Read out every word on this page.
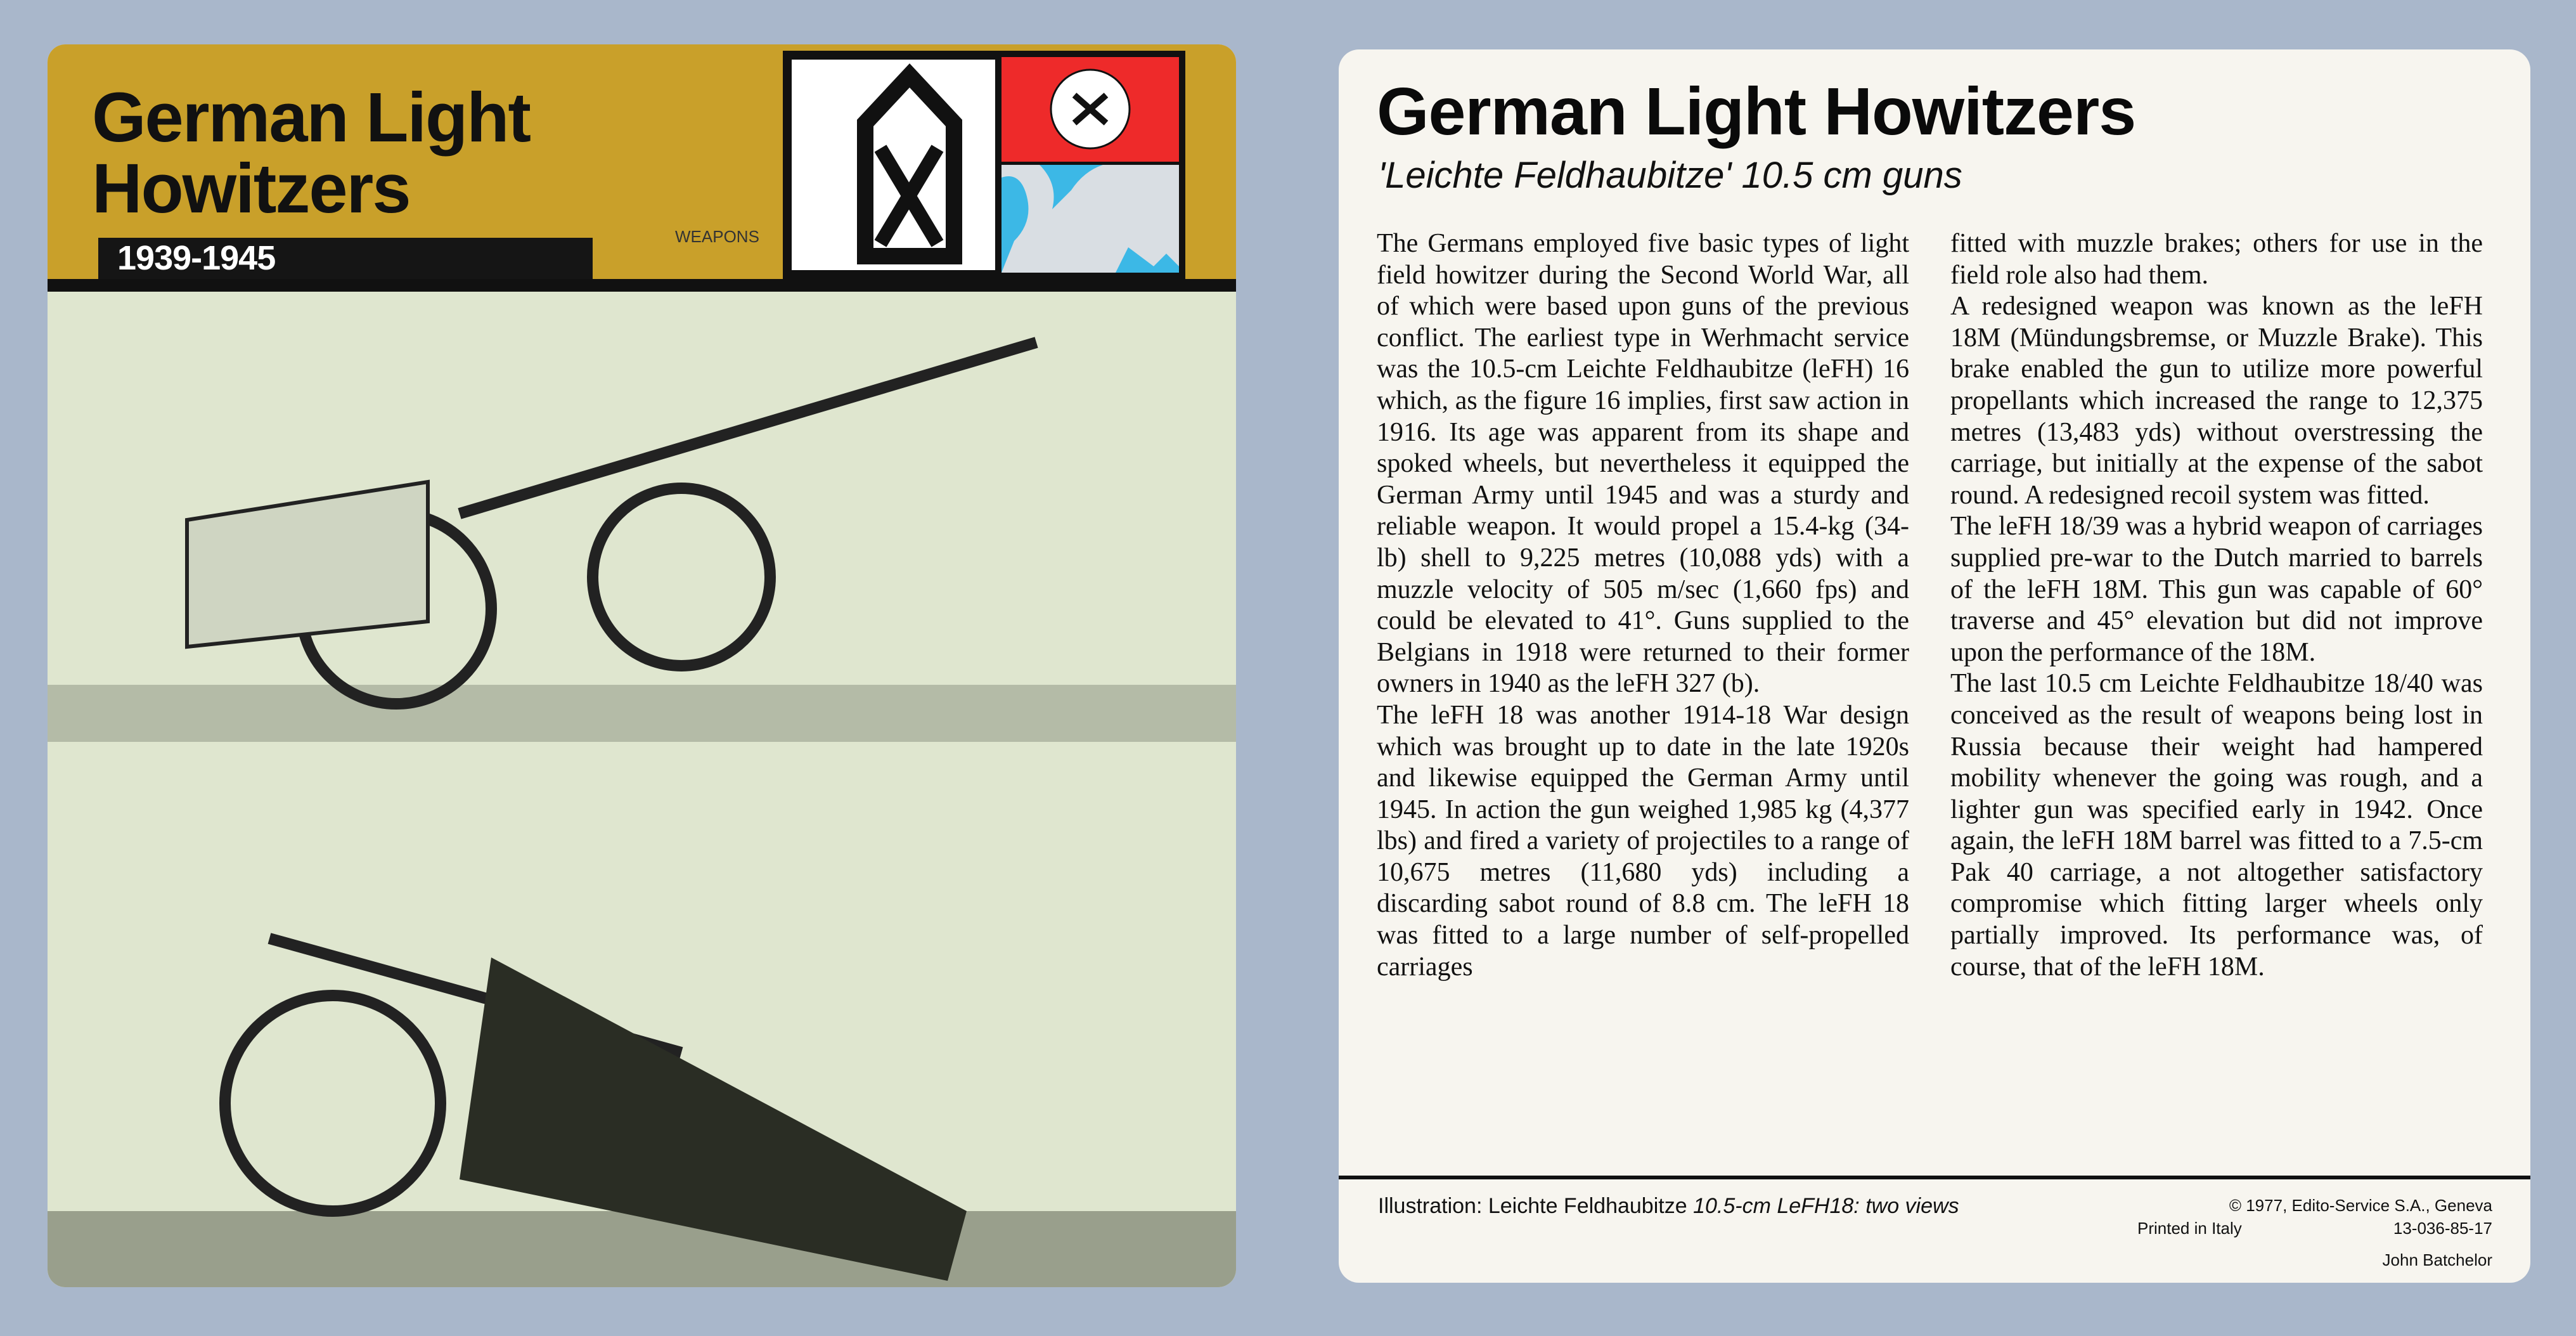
German Light
Howitzers
1939-1945
WEAPONS
German Light Howitzers
'Leichte Feldhaubitze' 10.5 cm guns

The Germans employed five basic types of light field howitzer during the Second World War, all of which were based upon guns of the previous conflict. The earliest type in Werhmacht service was the 10.5-cm Leichte Feldhaubitze (leFH) 16 which, as the figure 16 implies, first saw action in 1916. Its age was apparent from its shape and spoked wheels, but nevertheless it equipped the German Army until 1945 and was a sturdy and reliable weapon. It would propel a 15.4-kg (34-lb) shell to 9,225 metres (10,088 yds) with a muzzle velocity of 505 m/sec (1,660 fps) and could be elevated to 41°. Guns supplied to the Belgians in 1918 were returned to their former owners in 1940 as the leFH 327 (b).

The leFH 18 was another 1914-18 War design which was brought up to date in the late 1920s and likewise equipped the German Army until 1945. In action the gun weighed 1,985 kg (4,377 lbs) and fired a variety of projectiles to a range of 10,675 metres (11,680 yds) including a discarding sabot round of 8.8 cm. The leFH 18 was fitted to a large number of self-propelled carriages

fitted with muzzle brakes; others for use in the field role also had them.

A redesigned weapon was known as the leFH 18M (Mündungsbremse, or Muzzle Brake). This brake enabled the gun to utilize more powerful propellants which increased the range to 12,375 metres (13,483 yds) without overstressing the carriage, but initially at the expense of the sabot round. A redesigned recoil system was fitted.

The leFH 18/39 was a hybrid weapon of carriages supplied pre-war to the Dutch married to barrels of the leFH 18M. This gun was capable of 60° traverse and 45° elevation but did not improve upon the performance of the 18M.

The last 10.5 cm Leichte Feldhaubitze 18/40 was conceived as the result of weapons being lost in Russia because their weight had hampered mobility whenever the going was rough, and a lighter gun was specified early in 1942. Once again, the leFH 18M barrel was fitted to a 7.5-cm Pak 40 carriage, a not altogether satisfactory compromise which fitting larger wheels only partially improved. Its performance was, of course, that of the leFH 18M.

Illustration: Leichte Feldhaubitze 10.5-cm LeFH18: two views	© 1977, Edito-Service S.A., Geneva
Printed in Italy	13-036-85-17
John Batchelor
